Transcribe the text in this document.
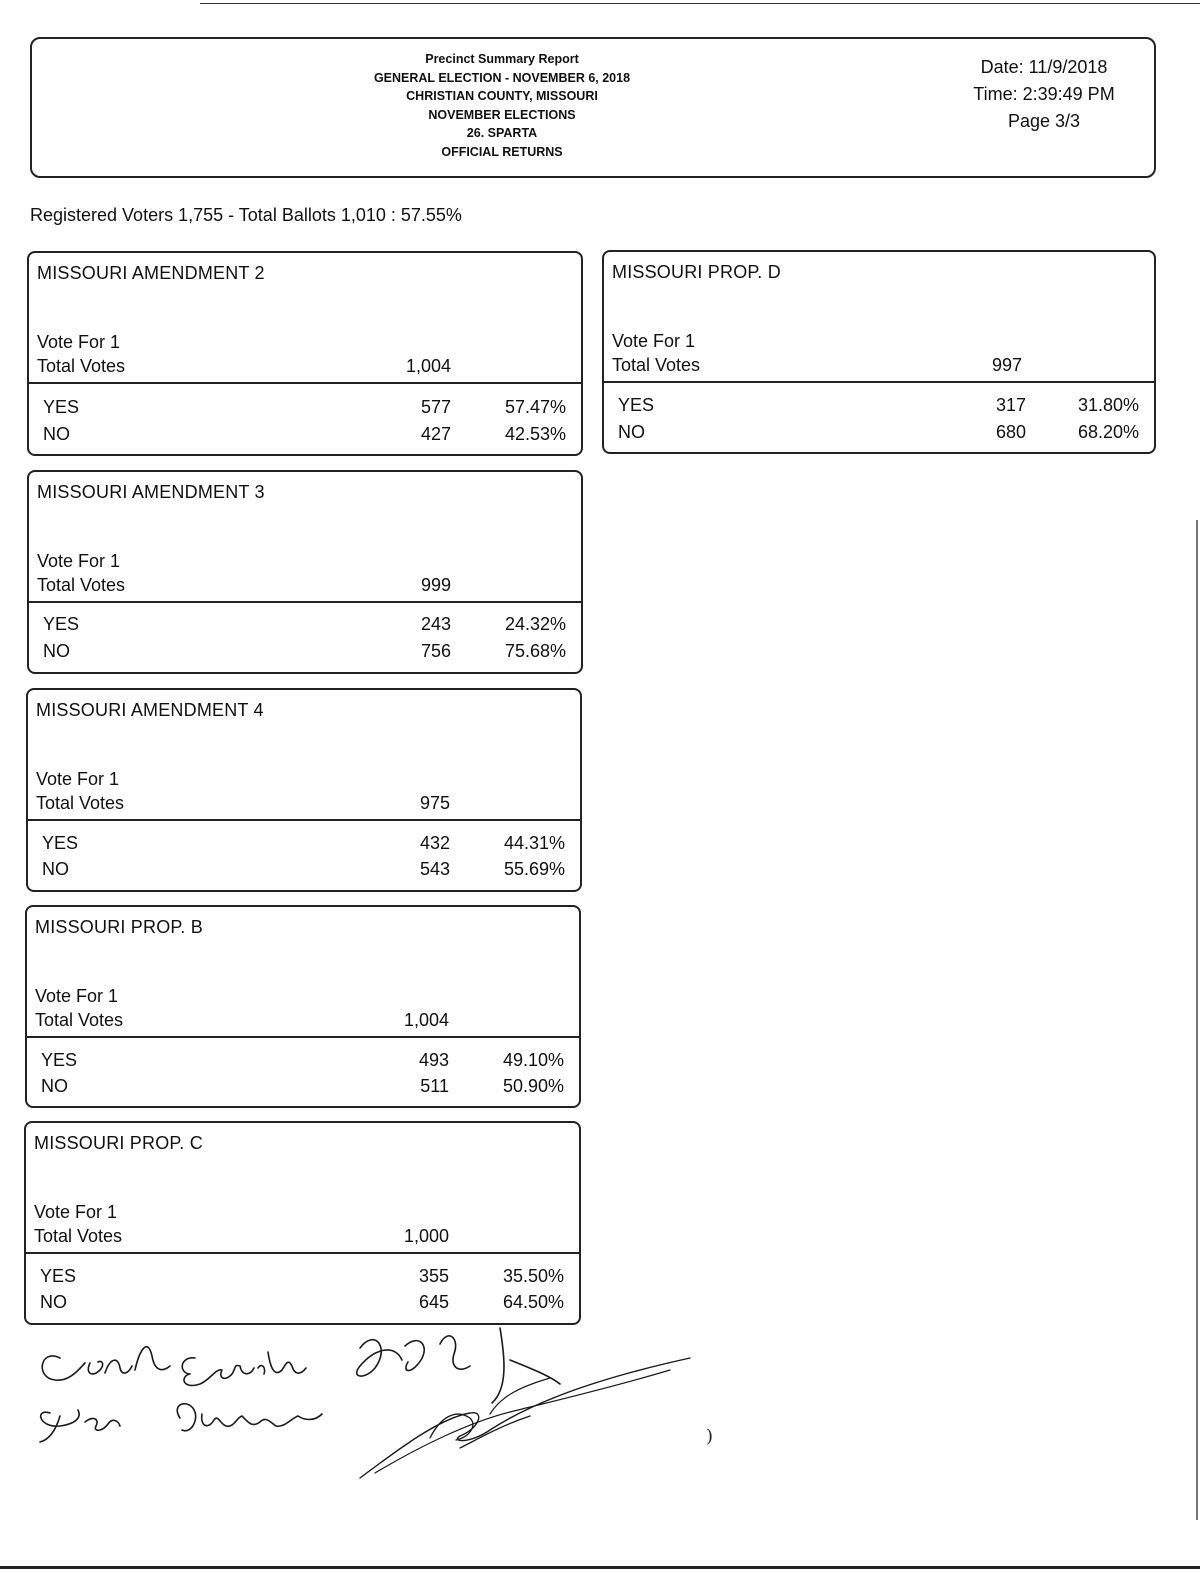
Precinct Summary Report
GENERAL ELECTION - NOVEMBER 6, 2018
CHRISTIAN COUNTY, MISSOURI
NOVEMBER ELECTIONS
26. SPARTA
OFFICIAL RETURNS
Date: 11/9/2018
Time: 2:39:49 PM
Page 3/3
Registered Voters 1,755 - Total Ballots 1,010 : 57.55%
MISSOURI AMENDMENT 2
Vote For 1
Total Votes	1,004
YES	577	57.47%
NO	427	42.53%
MISSOURI AMENDMENT 3
Vote For 1
Total Votes	999
YES	243	24.32%
NO	756	75.68%
MISSOURI AMENDMENT 4
Vote For 1
Total Votes	975
YES	432	44.31%
NO	543	55.69%
MISSOURI PROP. B
Vote For 1
Total Votes	1,004
YES	493	49.10%
NO	511	50.90%
MISSOURI PROP. C
Vote For 1
Total Votes	1,000
YES	355	35.50%
NO	645	64.50%
MISSOURI PROP. D
Vote For 1
Total Votes	997
YES	317	31.80%
NO	680	68.20%
)
